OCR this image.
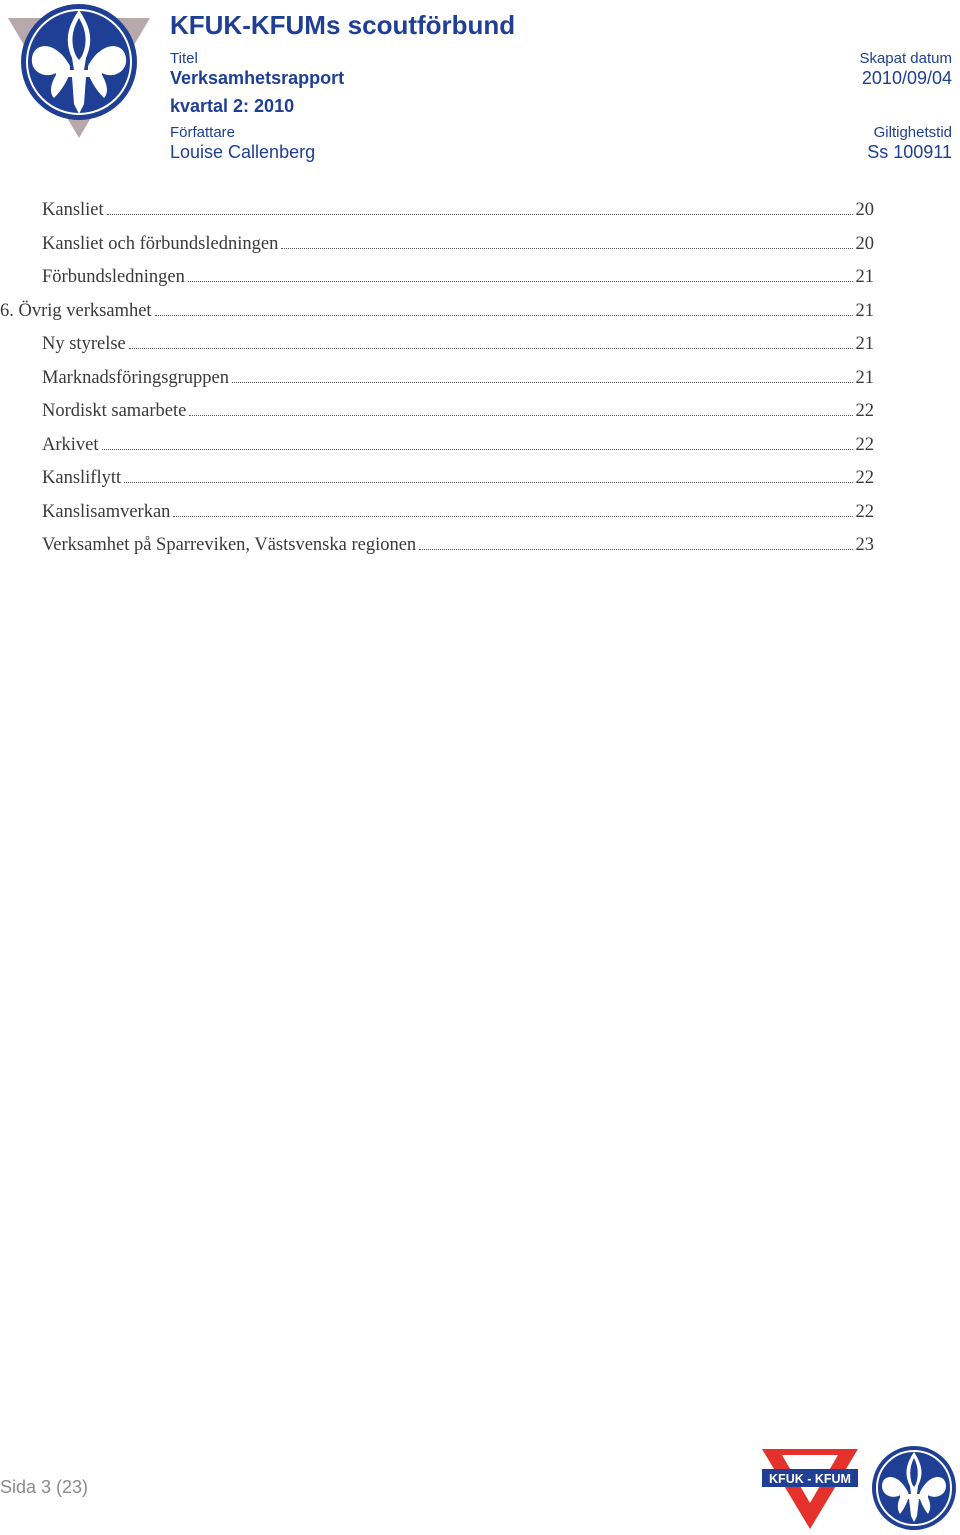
KFUK-KFUMs scoutförbund
Titel
Verksamhetsrapport
kvartal 2: 2010
Skapat datum
2010/09/04
Författare
Louise Callenberg
Giltighetstid
Ss 100911
Kansliet	20
Kansliet och förbundsledningen	20
Förbundsledningen	21
6. Övrig verksamhet	21
Ny styrelse	21
Marknadsföringsgruppen	21
Nordiskt samarbete	22
Arkivet	22
Kansliflytt	22
Kanslisamverkan	22
Verksamhet på Sparreviken, Västsvenska regionen	23
Sida 3 (23)	KFUK - KFUM
